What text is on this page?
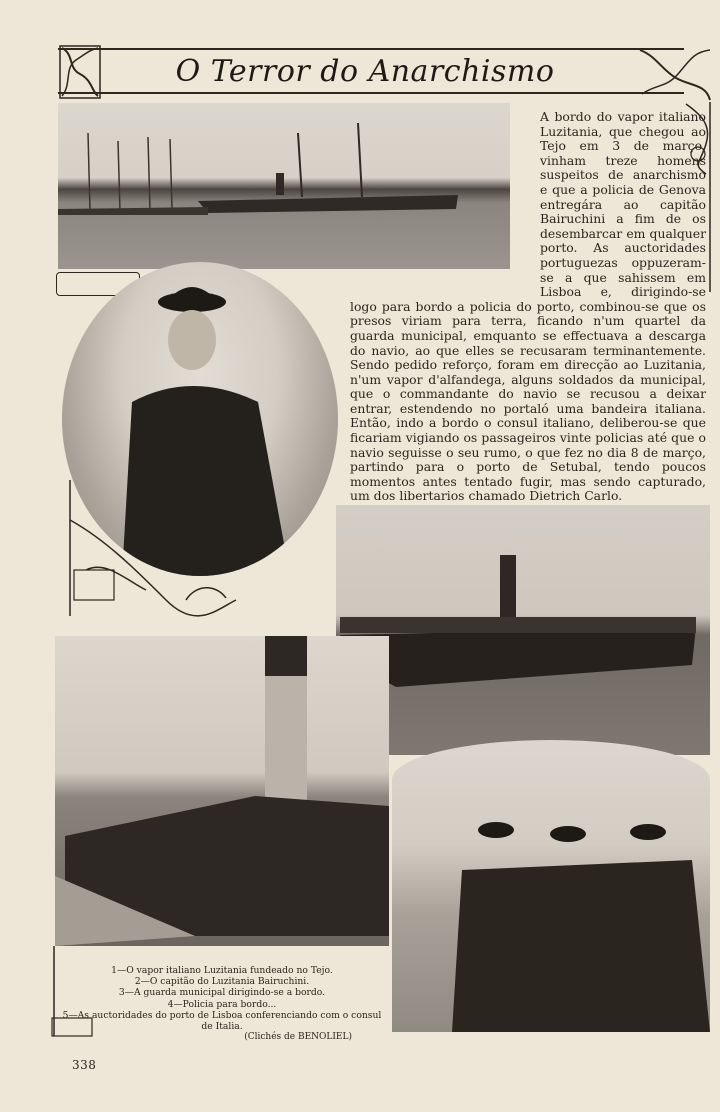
O Terror do Anarchismo

A bordo do vapor italiano Luzitania, que chegou ao Tejo em 3 de março, vinham treze homens suspeitos de anarchismo e que a policia de Genova entregára ao capitão Bairuchini a fim de os desembarcar em qualquer porto. As auctoridades portuguezas oppuzeram-se a que sahissem em Lisboa e, dirigindo-se logo para bordo a policia do porto, combinou-se que os presos viriam para terra, ficando n'um quartel da guarda municipal, emquanto se effectuava a descarga do navio, ao que elles se recusaram terminantemente. Sendo pedido reforço, foram em direcção ao Luzitania, n'um vapor d'alfandega, alguns soldados da municipal, que o commandante do navio se recusou a deixar entrar, estendendo no portaló uma bandeira italiana. Então, indo a bordo o consul italiano, deliberou-se que ficariam vigiando os passageiros vinte policias até que o navio seguisse o seu rumo, o que fez no dia 8 de março, partindo para o porto de Setubal, tendo poucos momentos antes tentado fugir, mas sendo capturado, um dos libertarios chamado Dietrich Carlo.

1—O vapor italiano Luzitania fundeado no Tejo.
2—O capitão do Luzitania Bairuchini.
3—A guarda municipal dirigindo-se a bordo.
4—Policia para bordo...
5—As auctoridades do porto de Lisboa conferenciando com o consul de Italia.
(Clichés de BENOLIEL)
338
